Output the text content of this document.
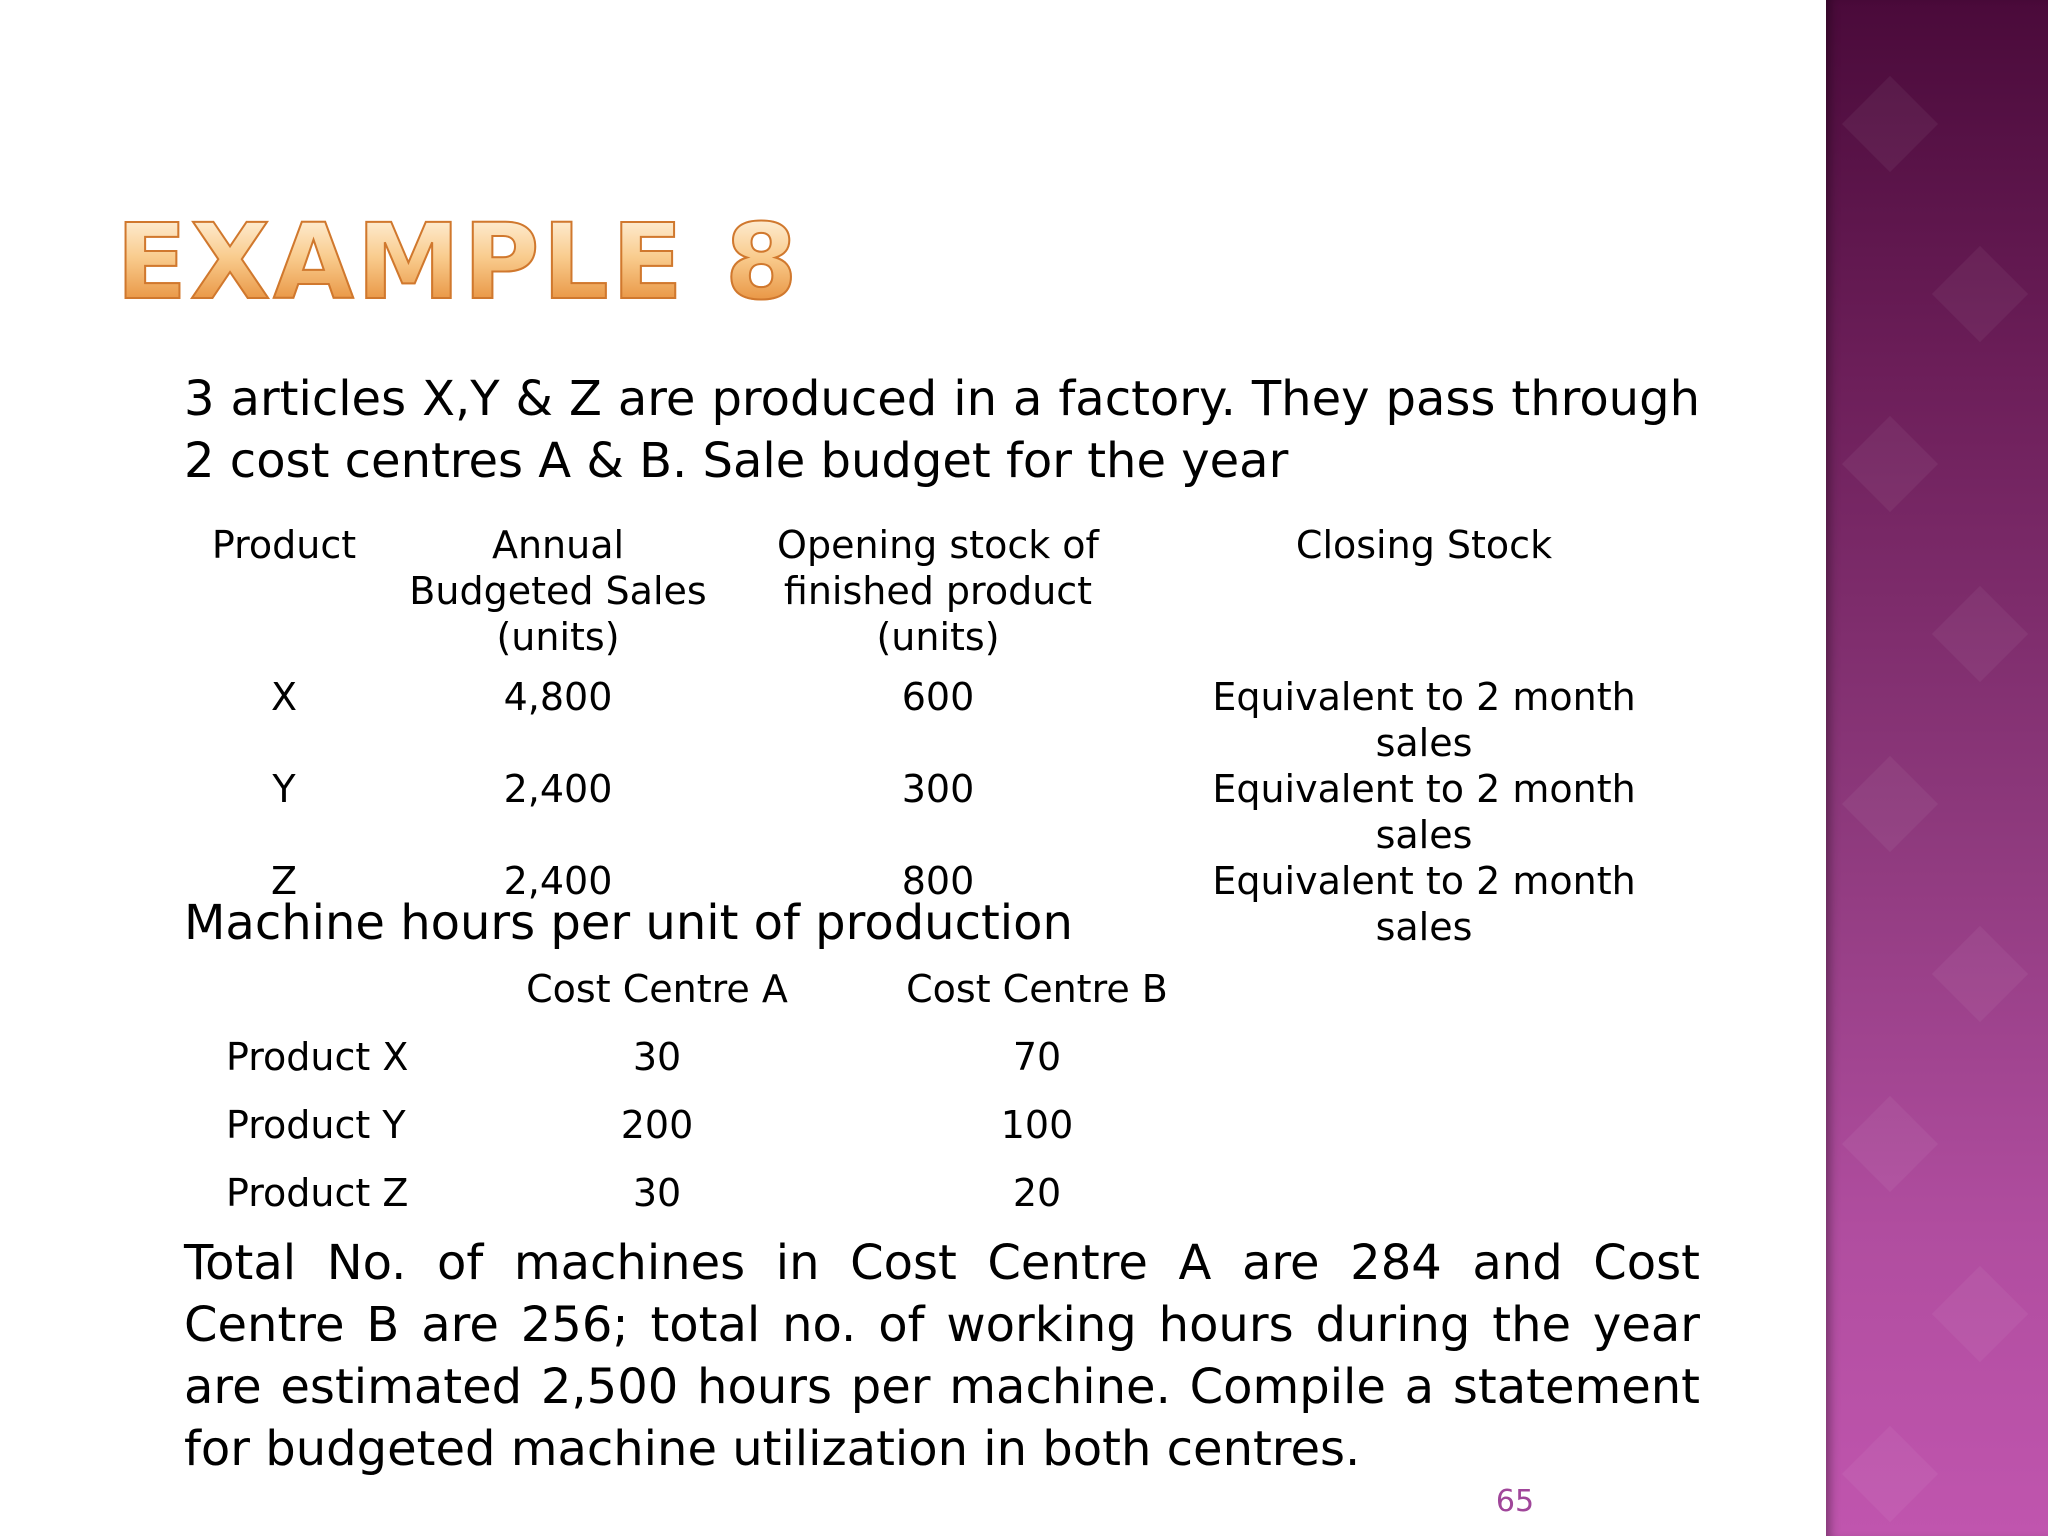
EXAMPLE 8

3 articles X,Y & Z are produced in a factory. They pass through 2 cost centres A & B. Sale budget for the year

Product	Annual Budgeted Sales (units)	Opening stock of finished product (units)	Closing Stock
X	4,800	600	Equivalent to 2 month sales
Y	2,400	300	Equivalent to 2 month sales
Z	2,400	800	Equivalent to 2 month sales
Machine hours per unit of production
	Cost Centre A	Cost Centre B
Product X	30	70
Product Y	200	100
Product Z	30	20

Total No. of machines in Cost Centre A are 284 and Cost Centre B are 256; total no. of working hours during the year are estimated 2,500 hours per machine. Compile a statement for budgeted machine utilization in both centres.

65
